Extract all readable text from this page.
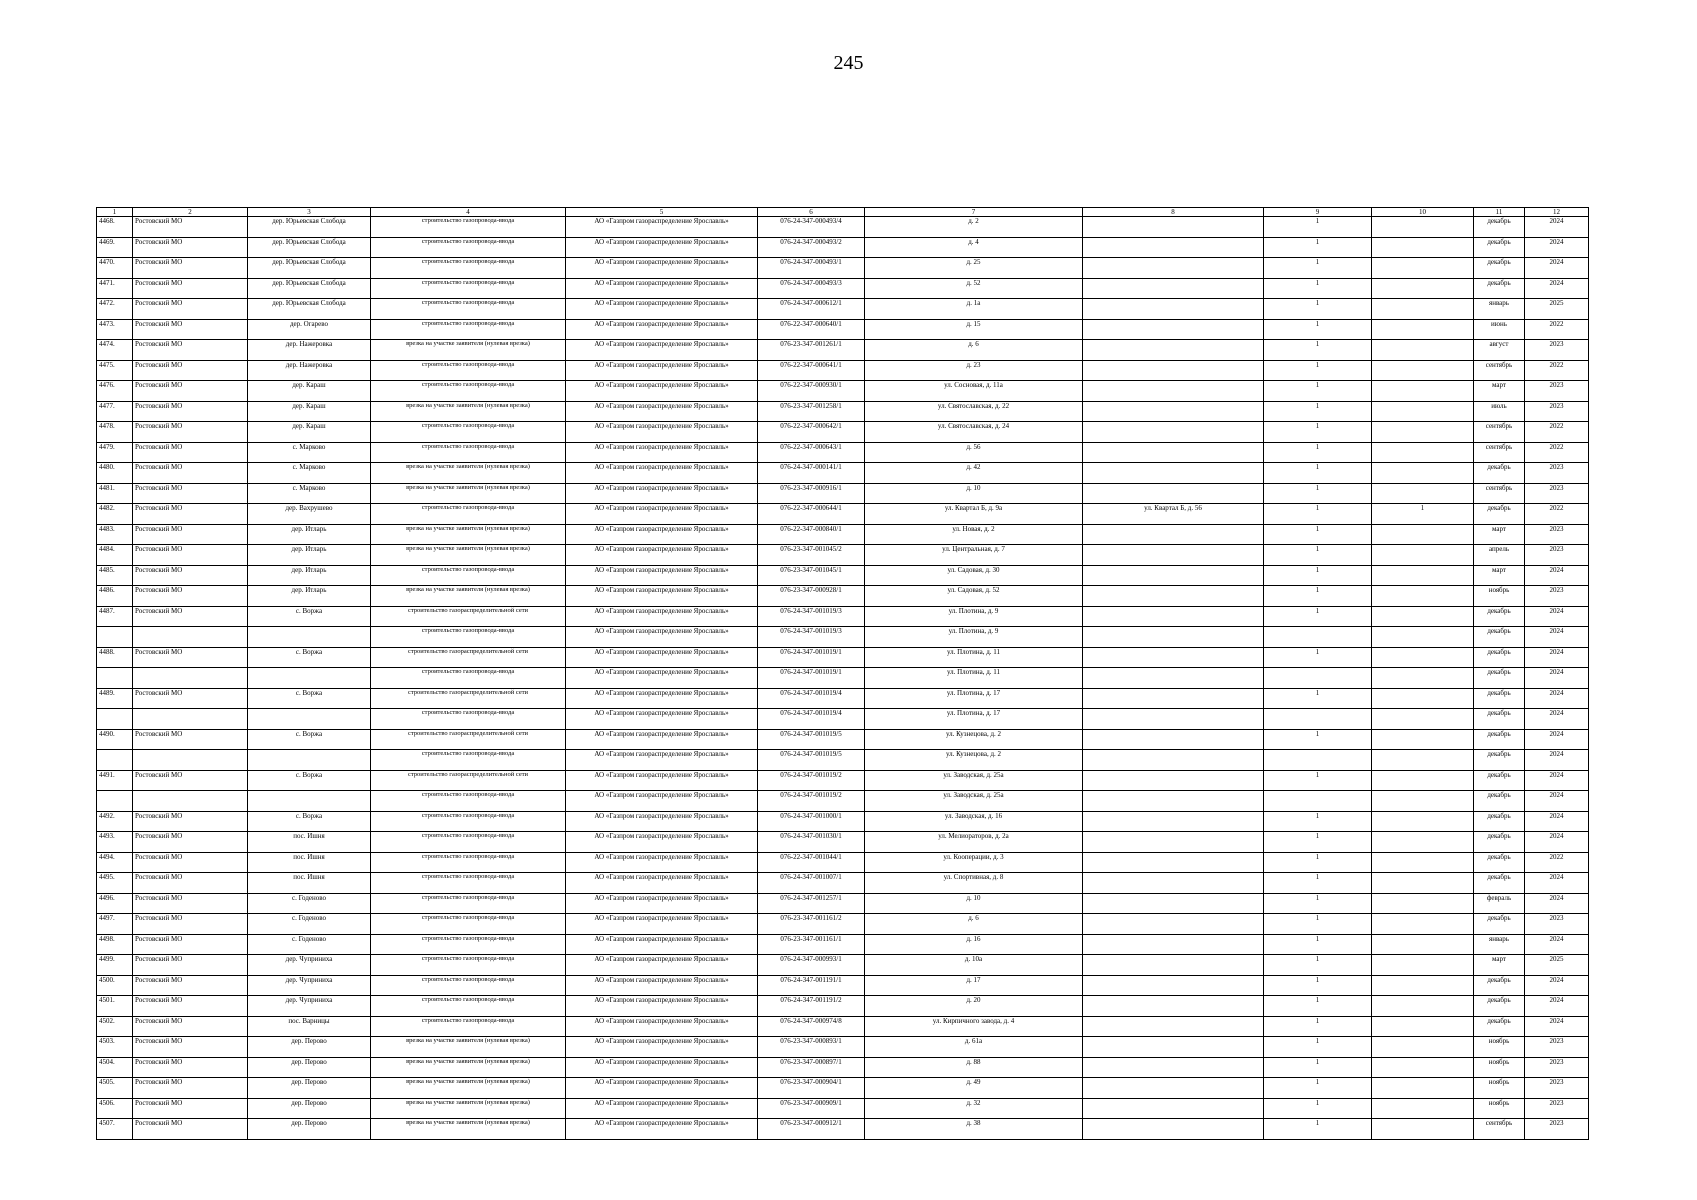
245
1	2	3	4	5	6	7	8	9	10	11	12
4468.	Ростовский МО	дер. Юрьевская Слобода	строительство газопровода-ввода	АО «Газпром газораспределение Ярославль»	076-24-347-000493/4	д. 2		1		декабрь	2024
4469.	Ростовский МО	дер. Юрьевская Слобода	строительство газопровода-ввода	АО «Газпром газораспределение Ярославль»	076-24-347-000493/2	д. 4		1		декабрь	2024
4470.	Ростовский МО	дер. Юрьевская Слобода	строительство газопровода-ввода	АО «Газпром газораспределение Ярославль»	076-24-347-000493/1	д. 25		1		декабрь	2024
4471.	Ростовский МО	дер. Юрьевская Слобода	строительство газопровода-ввода	АО «Газпром газораспределение Ярославль»	076-24-347-000493/3	д. 52		1		декабрь	2024
4472.	Ростовский МО	дер. Юрьевская Слобода	строительство газопровода-ввода	АО «Газпром газораспределение Ярославль»	076-24-347-000612/1	д. 1а		1		январь	2025
4473.	Ростовский МО	дер. Огарево	строительство газопровода-ввода	АО «Газпром газораспределение Ярославль»	076-22-347-000640/1	д. 15		1		июнь	2022
4474.	Ростовский МО	дер. Нажеровка	врезка на участке заявителя (нулевая врезка)	АО «Газпром газораспределение Ярославль»	076-23-347-001261/1	д. 6		1		август	2023
4475.	Ростовский МО	дер. Нажеровка	строительство газопровода-ввода	АО «Газпром газораспределение Ярославль»	076-22-347-000641/1	д. 23		1		сентябрь	2022
4476.	Ростовский МО	дер. Караш	строительство газопровода-ввода	АО «Газпром газораспределение Ярославль»	076-22-347-000930/1	ул. Сосновая, д. 11а		1		март	2023
4477.	Ростовский МО	дер. Караш	врезка на участке заявителя (нулевая врезка)	АО «Газпром газораспределение Ярославль»	076-23-347-001258/1	ул. Святославская, д. 22		1		июль	2023
4478.	Ростовский МО	дер. Караш	строительство газопровода-ввода	АО «Газпром газораспределение Ярославль»	076-22-347-000642/1	ул. Святославская, д. 24		1		сентябрь	2022
4479.	Ростовский МО	с. Марково	строительство газопровода-ввода	АО «Газпром газораспределение Ярославль»	076-22-347-000643/1	д. 56		1		сентябрь	2022
4480.	Ростовский МО	с. Марково	врезка на участке заявителя (нулевая врезка)	АО «Газпром газораспределение Ярославль»	076-24-347-000141/1	д. 42		1		декабрь	2023
4481.	Ростовский МО	с. Марково	врезка на участке заявителя (нулевая врезка)	АО «Газпром газораспределение Ярославль»	076-23-347-000916/1	д. 10		1		сентябрь	2023
4482.	Ростовский МО	дер. Вахрушево	строительство газопровода-ввода	АО «Газпром газораспределение Ярославль»	076-22-347-000644/1	ул. Квартал Б, д. 9а	ул. Квартал Б, д. 56	1	1	декабрь	2022
4483.	Ростовский МО	дер. Итларь	врезка на участке заявителя (нулевая врезка)	АО «Газпром газораспределение Ярославль»	076-22-347-000840/1	ул. Новая, д. 2		1		март	2023
4484.	Ростовский МО	дер. Итларь	врезка на участке заявителя (нулевая врезка)	АО «Газпром газораспределение Ярославль»	076-23-347-001045/2	ул. Центральная, д. 7		1		апрель	2023
4485.	Ростовский МО	дер. Итларь	строительство газопровода-ввода	АО «Газпром газораспределение Ярославль»	076-23-347-001045/1	ул. Садовая, д. 30		1		март	2024
4486.	Ростовский МО	дер. Итларь	врезка на участке заявителя (нулевая врезка)	АО «Газпром газораспределение Ярославль»	076-23-347-000928/1	ул. Садовая, д. 52		1		ноябрь	2023
4487.	Ростовский МО	с. Воржа	строительство газораспределительной сети	АО «Газпром газораспределение Ярославль»	076-24-347-001019/3	ул. Плотина, д. 9		1		декабрь	2024
			строительство газопровода-ввода	АО «Газпром газораспределение Ярославль»	076-24-347-001019/3	ул. Плотина, д. 9				декабрь	2024
4488.	Ростовский МО	с. Воржа	строительство газораспределительной сети	АО «Газпром газораспределение Ярославль»	076-24-347-001019/1	ул. Плотина, д. 11		1		декабрь	2024
			строительство газопровода-ввода	АО «Газпром газораспределение Ярославль»	076-24-347-001019/1	ул. Плотина, д. 11				декабрь	2024
4489.	Ростовский МО	с. Воржа	строительство газораспределительной сети	АО «Газпром газораспределение Ярославль»	076-24-347-001019/4	ул. Плотина, д. 17		1		декабрь	2024
			строительство газопровода-ввода	АО «Газпром газораспределение Ярославль»	076-24-347-001019/4	ул. Плотина, д. 17				декабрь	2024
4490.	Ростовский МО	с. Воржа	строительство газораспределительной сети	АО «Газпром газораспределение Ярославль»	076-24-347-001019/5	ул. Кузнецова, д. 2		1		декабрь	2024
			строительство газопровода-ввода	АО «Газпром газораспределение Ярославль»	076-24-347-001019/5	ул. Кузнецова, д. 2				декабрь	2024
4491.	Ростовский МО	с. Воржа	строительство газораспределительной сети	АО «Газпром газораспределение Ярославль»	076-24-347-001019/2	ул. Заводская, д. 25а		1		декабрь	2024
			строительство газопровода-ввода	АО «Газпром газораспределение Ярославль»	076-24-347-001019/2	ул. Заводская, д. 25а				декабрь	2024
4492.	Ростовский МО	с. Воржа	строительство газопровода-ввода	АО «Газпром газораспределение Ярославль»	076-24-347-001000/1	ул. Заводская, д. 16		1		декабрь	2024
4493.	Ростовский МО	пос. Ишня	строительство газопровода-ввода	АО «Газпром газораспределение Ярославль»	076-24-347-001030/1	ул. Мелиораторов, д. 2а		1		декабрь	2024
4494.	Ростовский МО	пос. Ишня	строительство газопровода-ввода	АО «Газпром газораспределение Ярославль»	076-22-347-001044/1	ул. Кооперации, д. 3		1		декабрь	2022
4495.	Ростовский МО	пос. Ишня	строительство газопровода-ввода	АО «Газпром газораспределение Ярославль»	076-24-347-001007/1	ул. Спортивная, д. 8		1		декабрь	2024
4496.	Ростовский МО	с. Годеново	строительство газопровода-ввода	АО «Газпром газораспределение Ярославль»	076-24-347-001257/1	д. 10		1		февраль	2024
4497.	Ростовский МО	с. Годеново	строительство газопровода-ввода	АО «Газпром газораспределение Ярославль»	076-23-347-001161/2	д. 6		1		декабрь	2023
4498.	Ростовский МО	с. Годеново	строительство газопровода-ввода	АО «Газпром газораспределение Ярославль»	076-23-347-001161/1	д. 16		1		январь	2024
4499.	Ростовский МО	дер. Чуприниха	строительство газопровода-ввода	АО «Газпром газораспределение Ярославль»	076-24-347-000993/1	д. 10а		1		март	2025
4500.	Ростовский МО	дер. Чуприниха	строительство газопровода-ввода	АО «Газпром газораспределение Ярославль»	076-24-347-001191/1	д. 17		1		декабрь	2024
4501.	Ростовский МО	дер. Чуприниха	строительство газопровода-ввода	АО «Газпром газораспределение Ярославль»	076-24-347-001191/2	д. 20		1		декабрь	2024
4502.	Ростовский МО	пос. Варницы	строительство газопровода-ввода	АО «Газпром газораспределение Ярославль»	076-24-347-000974/8	ул. Кирпичного завода, д. 4		1		декабрь	2024
4503.	Ростовский МО	дер. Перово	врезка на участке заявителя (нулевая врезка)	АО «Газпром газораспределение Ярославль»	076-23-347-000893/1	д. 61а		1		ноябрь	2023
4504.	Ростовский МО	дер. Перово	врезка на участке заявителя (нулевая врезка)	АО «Газпром газораспределение Ярославль»	076-23-347-000897/1	д. 88		1		ноябрь	2023
4505.	Ростовский МО	дер. Перово	врезка на участке заявителя (нулевая врезка)	АО «Газпром газораспределение Ярославль»	076-23-347-000904/1	д. 49		1		ноябрь	2023
4506.	Ростовский МО	дер. Перово	врезка на участке заявителя (нулевая врезка)	АО «Газпром газораспределение Ярославль»	076-23-347-000909/1	д. 32		1		ноябрь	2023
4507.	Ростовский МО	дер. Перово	врезка на участке заявителя (нулевая врезка)	АО «Газпром газораспределение Ярославль»	076-23-347-000912/1	д. 38		1		сентябрь	2023
